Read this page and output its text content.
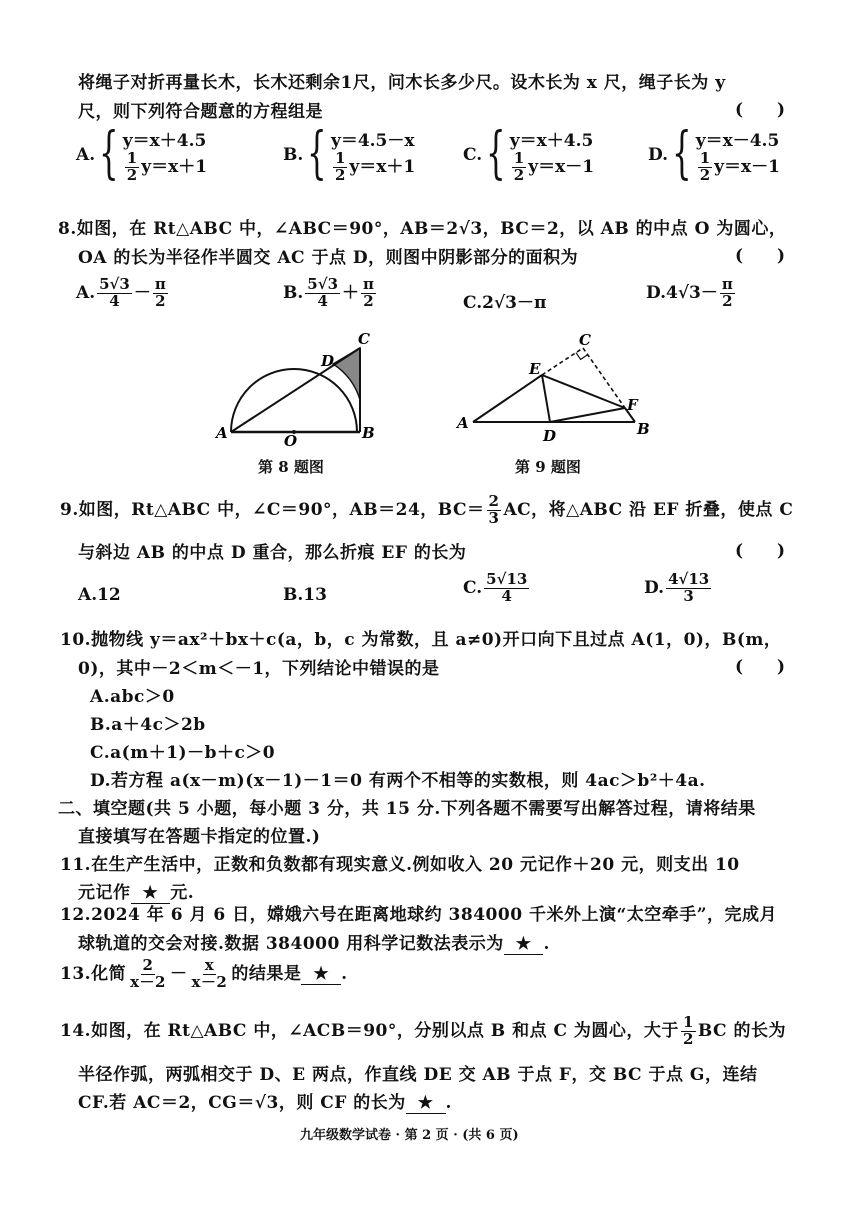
将绳子对折再量长木，长木还剩余1尺，问木长多少尺。设木长为 x 尺，绳子长为 y
尺，则下列符合题意的方程组是	(　　)
A. { y＝x＋4.5
$\frac{1}{2} y=x+1$
B. { y＝4.5－x
$\frac{1}{2} y=x+1$
C. { y＝x＋4.5
$\frac{1}{2} y=x-1$
D. { y＝x－4.5
$\frac{1}{2} y=x-1$
8.如图，在 Rt△ABC 中，∠ABC＝90°，AB＝2√3，BC＝2，以 AB 的中点 O 为圆心，
OA 的长为半径作半圆交 AC 于点 D，则图中阴影部分的面积为	(　　)
A. $\frac{5√3}{4} - \frac{\pi}{2}$	B. $\frac{5√3}{4} + \frac{\pi}{2}$	C.2√3－π
$D.4√3- \frac{\pi}{2}$
A	O	B
C
D
第 8 题图
A
D	B
C
E
F
第 9 题图
9.如图，Rt△ABC 中，∠C＝90°，AB＝24，$BC= \frac{2}{3}$ AC，将△ABC 沿 EF 折叠，使点 C
与斜边 AB 的中点 D 重合，那么折痕 EF 的长为	(　　)
A.12	B.13	C. $\frac{5√13}{4}$	D. $\frac{4√13}{3}$
10.抛物线 y＝ax²＋bx＋c(a，b，c 为常数，且 a≠0)开口向下且过点 A(1，0)，B(m，
0)，其中－2＜m＜－1，下列结论中错误的是	(　　)
A.abc＞0
B.a＋4c＞2b
C.a(m＋1)－b＋c＞0
D.若方程 a(x－m)(x－1)－1＝0 有两个不相等的实数根，则 4ac＞b²＋4a.
二、填空题(共 5 小题，每小题 3 分，共 15 分.下列各题不需要写出解答过程，请将结果
直接填写在答题卡指定的位置.)
11.在生产生活中，正数和负数都有现实意义.例如收入 20 元记作＋20 元，则支出 10
元记作 ★ 元.
12.2024 年 6 月 6 日，嫦娥六号在距离地球约 384000 千米外上演“太空牵手”，完成月
球轨道的交会对接.数据 384000 用科学记数法表示为 ★ .
13.化简 $\frac{2}{x-2} - \frac{x}{x-2}$ 的结果是 ★ .
14.如图，在 Rt△ABC 中，∠ACB＝90°，分别以点 B 和点 C 为圆心，大于 $\frac{1}{2}$ BC 的长为
半径作弧，两弧相交于 D、E 两点，作直线 DE 交 AB 于点 F，交 BC 于点 G，连结
CF.若 AC＝2，CG＝√3，则 CF 的长为 ★ .
九年级数学试卷 · 第 2 页 · (共 6 页)
